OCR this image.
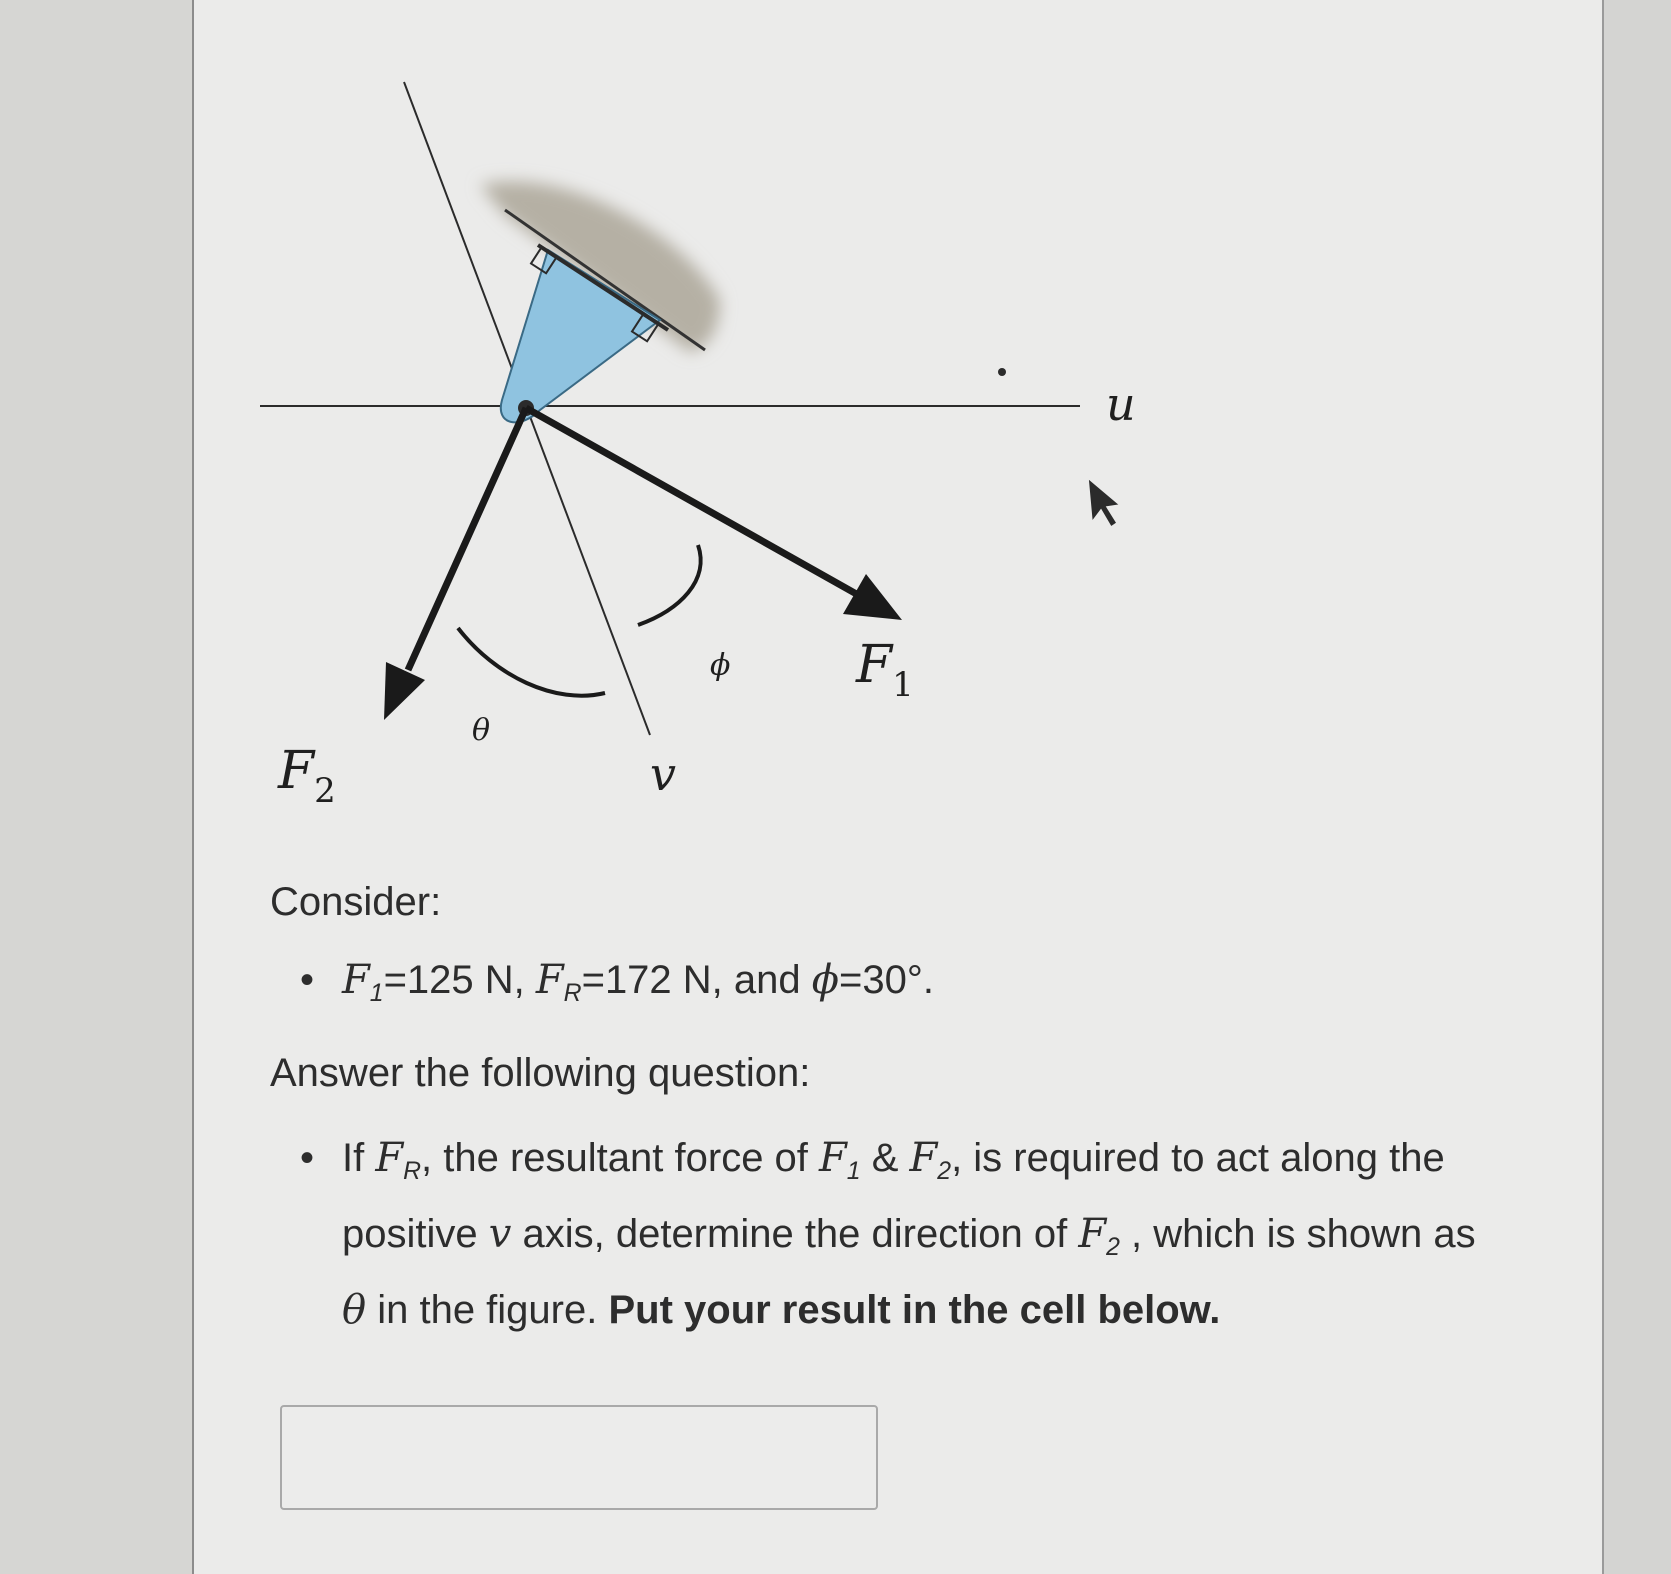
u
v
θ
ϕ $F_1$
$F_2$
Consider:
• $F_1=125$ N, $F_R=172$ N, and ϕ=30°.
Answer the following question:
• If $F_R$, the resultant force of $F_1$ & $F_2$, is required to act along the positive v axis, determine the direction of $F_2$ , which is shown as θ in the figure. Put your result in the cell below.
